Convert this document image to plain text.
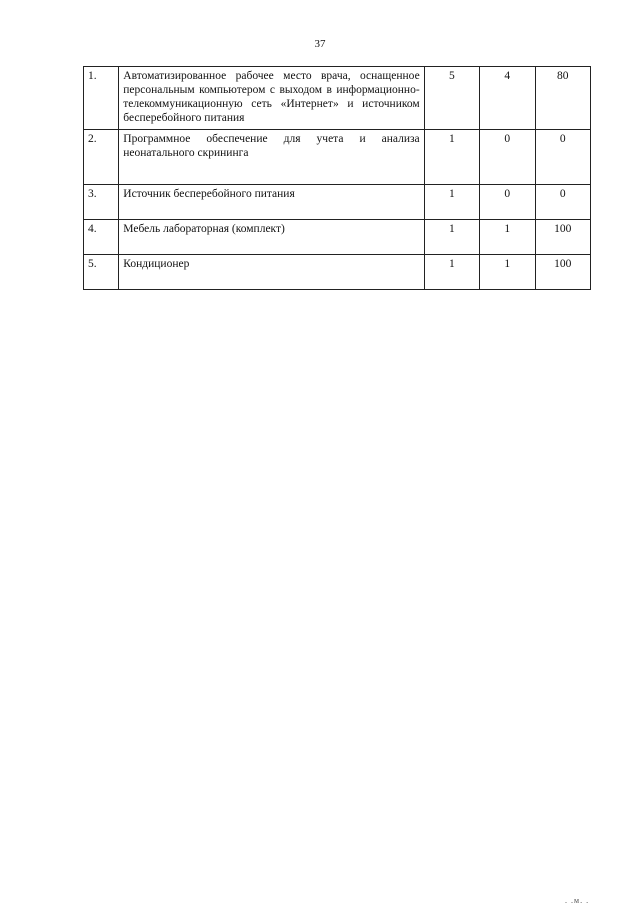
37
1.	Автоматизированное рабочее место врача, оснащенное персональным компьютером с выходом в информационно-телекоммуникационную сеть «Интернет» и источником бесперебойного питания	5	4	80
2.	Программное обеспечение для учета и анализа неонатального скрининга	1	0	0
3.	Источник бесперебойного питания	1	0	0
4.	Мебель лабораторная (комплект)	1	1	100
5.	Кондиционер	1	1	100
. .м. .
